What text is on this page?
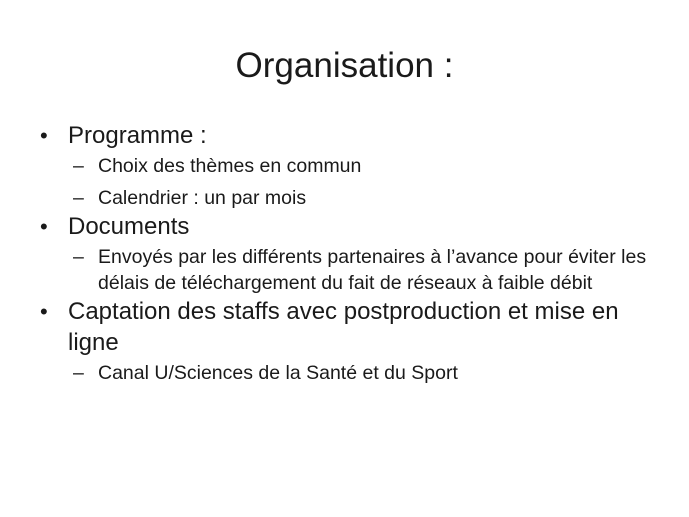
Organisation :
• Programme :
– Choix des thèmes en commun
– Calendrier : un par mois
• Documents
– Envoyés par les différents partenaires à l’avance pour éviter les délais de téléchargement du fait de réseaux à faible débit
• Captation des staffs avec postproduction et mise en ligne
– Canal U/Sciences de la Santé et du Sport
